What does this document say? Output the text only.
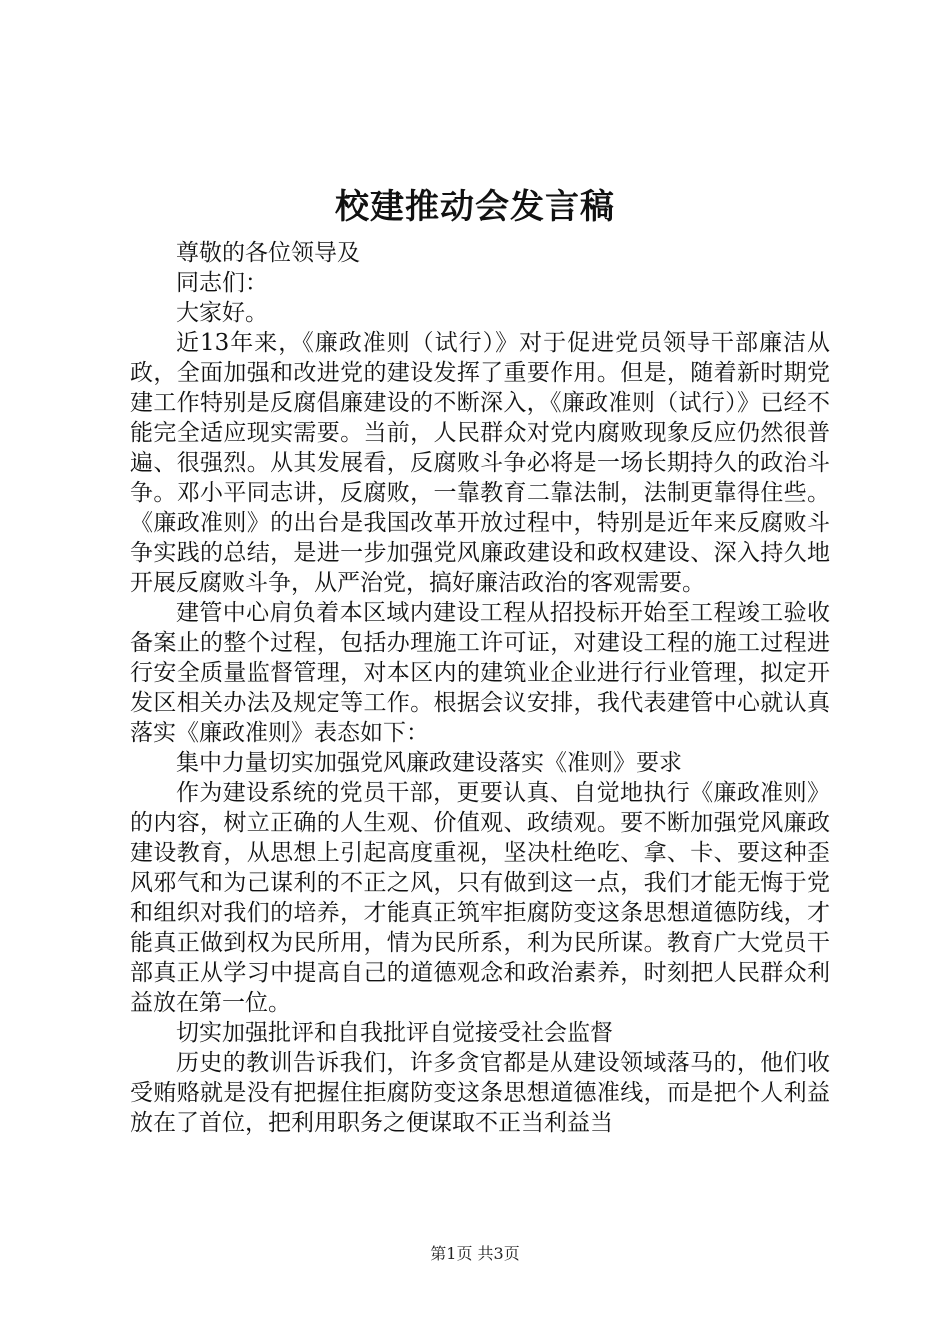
校建推动会发言稿

尊敬的各位领导及

同志们：

大家好。

近13年来，《廉政准则（试行）》对于促进党员领导干部廉洁从政，全面加强和改进党的建设发挥了重要作用。但是，随着新时期党建工作特别是反腐倡廉建设的不断深入，《廉政准则（试行）》已经不能完全适应现实需要。当前，人民群众对党内腐败现象反应仍然很普遍、很强烈。从其发展看，反腐败斗争必将是一场长期持久的政治斗争。邓小平同志讲，反腐败，一靠教育二靠法制，法制更靠得住些。《廉政准则》的出台是我国改革开放过程中，特别是近年来反腐败斗争实践的总结，是进一步加强党风廉政建设和政权建设、深入持久地开展反腐败斗争，从严治党，搞好廉洁政治的客观需要。

建管中心肩负着本区域内建设工程从招投标开始至工程竣工验收备案止的整个过程，包括办理施工许可证，对建设工程的施工过程进行安全质量监督管理，对本区内的建筑业企业进行行业管理，拟定开发区相关办法及规定等工作。根据会议安排，我代表建管中心就认真落实《廉政准则》表态如下：

集中力量切实加强党风廉政建设落实《准则》要求

作为建设系统的党员干部，更要认真、自觉地执行《廉政准则》的内容，树立正确的人生观、价值观、政绩观。要不断加强党风廉政建设教育，从思想上引起高度重视，坚决杜绝吃、拿、卡、要这种歪风邪气和为己谋利的不正之风，只有做到这一点，我们才能无悔于党和组织对我们的培养，才能真正筑牢拒腐防变这条思想道德防线，才能真正做到权为民所用，情为民所系，利为民所谋。教育广大党员干部真正从学习中提高自己的道德观念和政治素养，时刻把人民群众利益放在第一位。

切实加强批评和自我批评自觉接受社会监督

历史的教训告诉我们，许多贪官都是从建设领域落马的，他们收受贿赂就是没有把握住拒腐防变这条思想道德准线，而是把个人利益放在了首位，把利用职务之便谋取不正当利益当

第1页 共3页
